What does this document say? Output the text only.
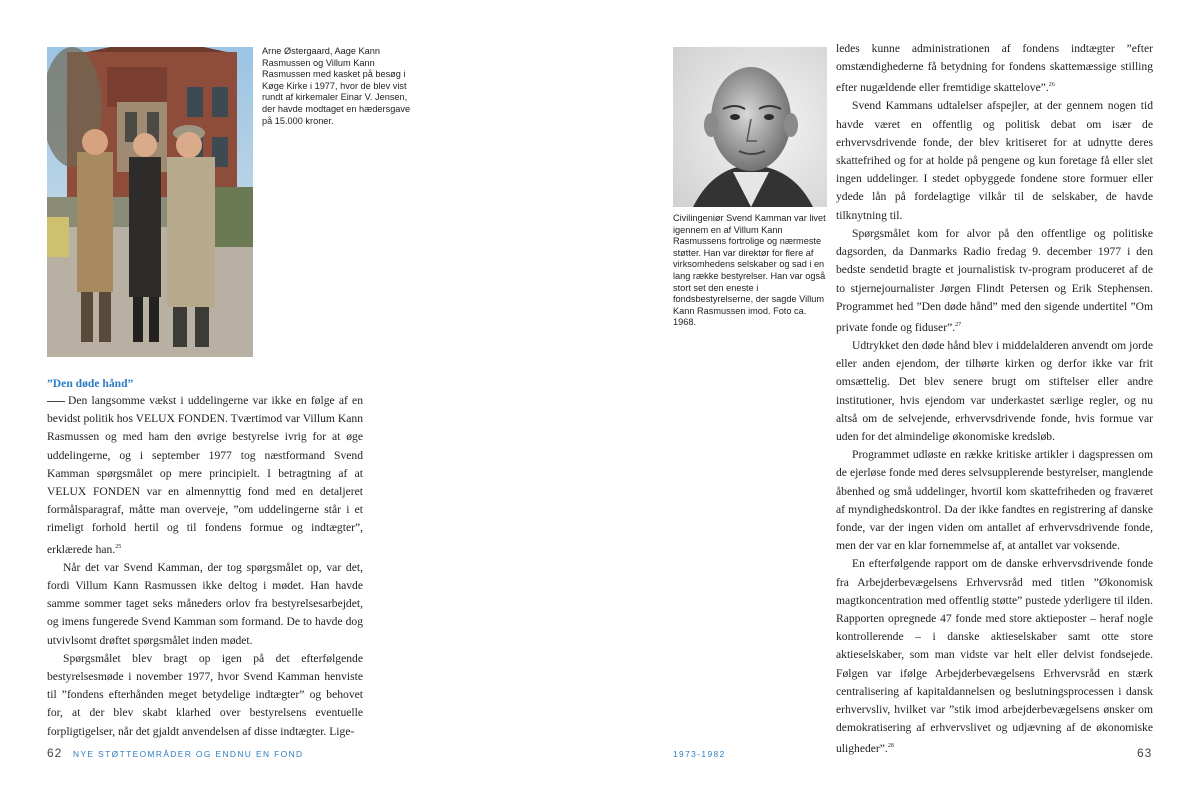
Arne Østergaard, Aage Kann Rasmussen og Villum Kann Rasmussen med kasket på besøg i Køge Kirke i 1977, hvor de blev vist rundt af kirkemaler Einar V. Jensen, der havde modtaget en hædersgave på 15.000 kroner.
”Den døde hånd”

Den langsomme vækst i uddelingerne var ikke en følge af en bevidst politik hos VELUX FONDEN. Tværtimod var Villum Kann Rasmussen og med ham den øvrige bestyrelse ivrig for at øge uddelingerne, og i september 1977 tog næstformand Svend Kamman spørgsmålet op mere principielt. I betragtning af at VELUX FONDEN var en almennyttig fond med en detaljeret formålsparagraf, måtte man overveje, ”om uddelingerne står i et rimeligt forhold hertil og til fondens formue og indtægter”, erklærede han.$^{25}$

Når det var Svend Kamman, der tog spørgsmålet op, var det, fordi Villum Kann Rasmussen ikke deltog i mødet. Han havde samme sommer taget seks måneders orlov fra bestyrelsesarbejdet, og imens fungerede Svend Kamman som formand. De to havde dog utvivlsomt drøftet spørgsmålet inden mødet.

Spørgsmålet blev bragt op igen på det efterfølgende bestyrelsesmøde i november 1977, hvor Svend Kamman henviste til ”fondens efterhånden meget betydelige indtægter” og behovet for, at der blev skabt klarhed over bestyrelsens eventuelle forpligtigelser, når det gjaldt anvendelsen af disse indtægter. Lige-

62 NYE STØTTEOMRÅDER OG ENDNU EN FOND
Civilingeniør Svend Kamman var livet igennem en af Villum Kann Rasmussens fortrolige og nærmeste støtter. Han var direktør for flere af virksomhedens selskaber og sad i en lang række bestyrelser. Han var også stort set den eneste i fondsbestyrelserne, der sagde Villum Kann Rasmussen imod. Foto ca. 1968.

ledes kunne administrationen af fondens indtægter ”efter omstændighederne få betydning for fondens skattemæssige stilling efter nugældende eller fremtidige skattelove”.$^{26}$

Svend Kammans udtalelser afspejler, at der gennem nogen tid havde været en offentlig og politisk debat om især de erhvervsdrivende fonde, der blev kritiseret for at udnytte deres skattefrihed og for at holde på pengene og kun foretage få eller slet ingen uddelinger. I stedet opbyggede fondene store formuer eller ydede lån på fordelagtige vilkår til de selskaber, de havde tilknytning til.

Spørgsmålet kom for alvor på den offentlige og politiske dagsorden, da Danmarks Radio fredag 9. december 1977 i den bedste sendetid bragte et journalistisk tv-program produceret af de to stjernejournalister Jørgen Flindt Petersen og Erik Stephensen. Programmet hed ”Den døde hånd” med den sigende undertitel ”Om private fonde og fiduser”.$^{27}$

Udtrykket den døde hånd blev i middelalderen anvendt om jorde eller anden ejendom, der tilhørte kirken og derfor ikke var frit omsættelig. Det blev senere brugt om stiftelser eller andre institutioner, hvis ejendom var underkastet særlige regler, og nu altså om de selvejende, erhvervsdrivende fonde, hvis formue var uden for det almindelige økonomiske kredsløb.

Programmet udløste en række kritiske artikler i dagspressen om de ejerløse fonde med deres selvsupplerende bestyrelser, manglende åbenhed og små uddelinger, hvortil kom skattefriheden og fraværet af myndighedskontrol. Da der ikke fandtes en registrering af danske fonde, var der ingen viden om antallet af erhvervsdrivende fonde, men der var en klar fornemmelse af, at antallet var voksende.

En efterfølgende rapport om de danske erhvervsdrivende fonde fra Arbejderbevægelsens Erhvervsråd med titlen ”Økonomisk magtkoncentration med offentlig støtte” pustede yderligere til ilden. Rapporten opregnede 47 fonde med store aktieposter – heraf nogle kontrollerende – i danske aktieselskaber samt otte store aktieselskaber, som man vidste var helt eller delvist fondsejede. Følgen var ifølge Arbejderbevægelsens Erhvervsråd en stærk centralisering af kapitaldannelsen og beslutningsprocessen i dansk erhvervsliv, hvilket var ”stik imod arbejderbevægelsens ønsker om demokratisering af erhvervslivet og udjævning af de økonomiske uligheder”.$^{28}$

1973-1982	63
